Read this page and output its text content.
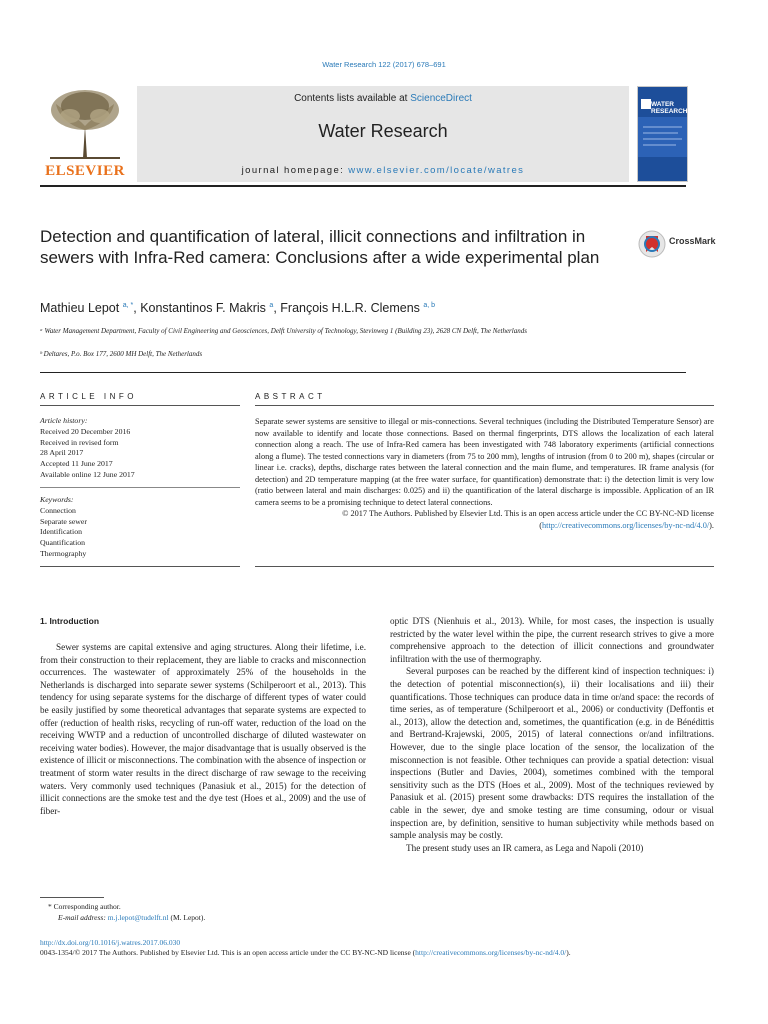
Water Research 122 (2017) 678–691
ELSEVIER
Contents lists available at ScienceDirect
Water Research
journal homepage: www.elsevier.com/locate/watres
WATER
RESEARCH
Detection and quantification of lateral, illicit connections and infiltration in sewers with Infra-Red camera: Conclusions after a wide experimental plan
CrossMark
Mathieu Lepot $^{a, *}$, Konstantinos F. Makris $^a$, François H.L.R. Clemens $^{a, b}$
ᵃ Water Management Department, Faculty of Civil Engineering and Geosciences, Delft University of Technology, Stevinweg 1 (Building 23), 2628 CN Delft, The Netherlands
ᵇ Deltares, P.o. Box 177, 2600 MH Delft, The Netherlands
ARTICLE INFO	ABSTRACT
Article history:
Received 20 December 2016
Received in revised form
28 April 2017
Accepted 11 June 2017
Available online 12 June 2017
Keywords:
Connection
Separate sewer
Identification
Quantification
Thermography
Separate sewer systems are sensitive to illegal or mis-connections. Several techniques (including the Distributed Temperature Sensor) are now available to identify and locate those connections. Based on thermal fingerprints, DTS allows the localization of each lateral connection along a reach. The use of Infra-Red camera has been investigated with 748 laboratory experiments (artificial connections along a flume). The tested connections vary in diameters (from 75 to 200 mm), lengths of intrusion (from 0 to 200 m), shapes (circular or linear i.e. cracks), depths, discharge rates between the lateral connection and the main flume, and temperatures. IR frame analysis (for detection) and 2D temperature mapping (at the free water surface, for quantification) demonstrate that: i) the detection limit is very low (ratio between lateral and main discharges: 0.025) and ii) the quantification of the lateral discharge is impossible. Application of an IR camera seems to be a promising technique to detect lateral connections.
© 2017 The Authors. Published by Elsevier Ltd. This is an open access article under the CC BY-NC-ND license (http://creativecommons.org/licenses/by-nc-nd/4.0/).
1. Introduction

Sewer systems are capital extensive and aging structures. Along their lifetime, i.e. from their construction to their replacement, they are liable to cracks and misconnection occurrences. The wastewater of approximately 25% of the households in the Netherlands is discharged into separate sewer systems (Schilperoort et al., 2013). This tendency for using separate systems for the discharge of different types of water could be easily justified by some theoretical advantages that separate systems are expected to offer (reduction of health risks, recycling of run-off water, reduction of the load on the receiving WWTP and a reduction of uncontrolled discharge of diluted wastewater on receiving water bodies). However, the major disadvantage that is usually observed is the existence of illicit or misconnections. The combination with the absence of inspection or treatment of storm water results in the direct discharge of raw sewage to the receiving waters. Very commonly used techniques (Panasiuk et al., 2015) for the detection of illicit connections are the smoke test and the dye test (Hoes et al., 2009) and the use of fiber-

optic DTS (Nienhuis et al., 2013). While, for most cases, the inspection is usually restricted by the water level within the pipe, the current research strives to give a more comprehensive approach to the detection of illicit connections and groundwater infiltration with the use of thermography.

Several purposes can be reached by the different kind of inspection techniques: i) the detection of potential misconnection(s), ii) their localisations and iii) their quantifications. Those techniques can produce data in time or/and space: the records of time series, as of temperature (Schilperoort et al., 2006) or conductivity (Deffontis et al., 2013), allow the detection and, sometimes, the quantification (e.g. in de Bénédittis and Bertrand-Krajewski, 2005, 2015) of lateral connections or/and infiltrations. However, due to the single place location of the sensor, the localization of the misconnection is not feasible. Other techniques can provide a spatial detection: visual inspections (Butler and Davies, 2004), sometimes combined with the temporal sensitivity such as the DTS (Hoes et al., 2009). Most of the techniques reviewed by Panasiuk et al. (2015) present some drawbacks: DTS requires the installation of the cable in the sewer, dye and smoke testing are time consuming, odour or visual inspection are, by definition, sensitive to human subjectivity while methods based on sample analysis may be costly.

The present study uses an IR camera, as Lega and Napoli (2010)

* Corresponding author.
E-mail address: m.j.lepot@tudelft.nl (M. Lepot).
http://dx.doi.org/10.1016/j.watres.2017.06.030
0043-1354/© 2017 The Authors. Published by Elsevier Ltd. This is an open access article under the CC BY-NC-ND license (http://creativecommons.org/licenses/by-nc-nd/4.0/).
